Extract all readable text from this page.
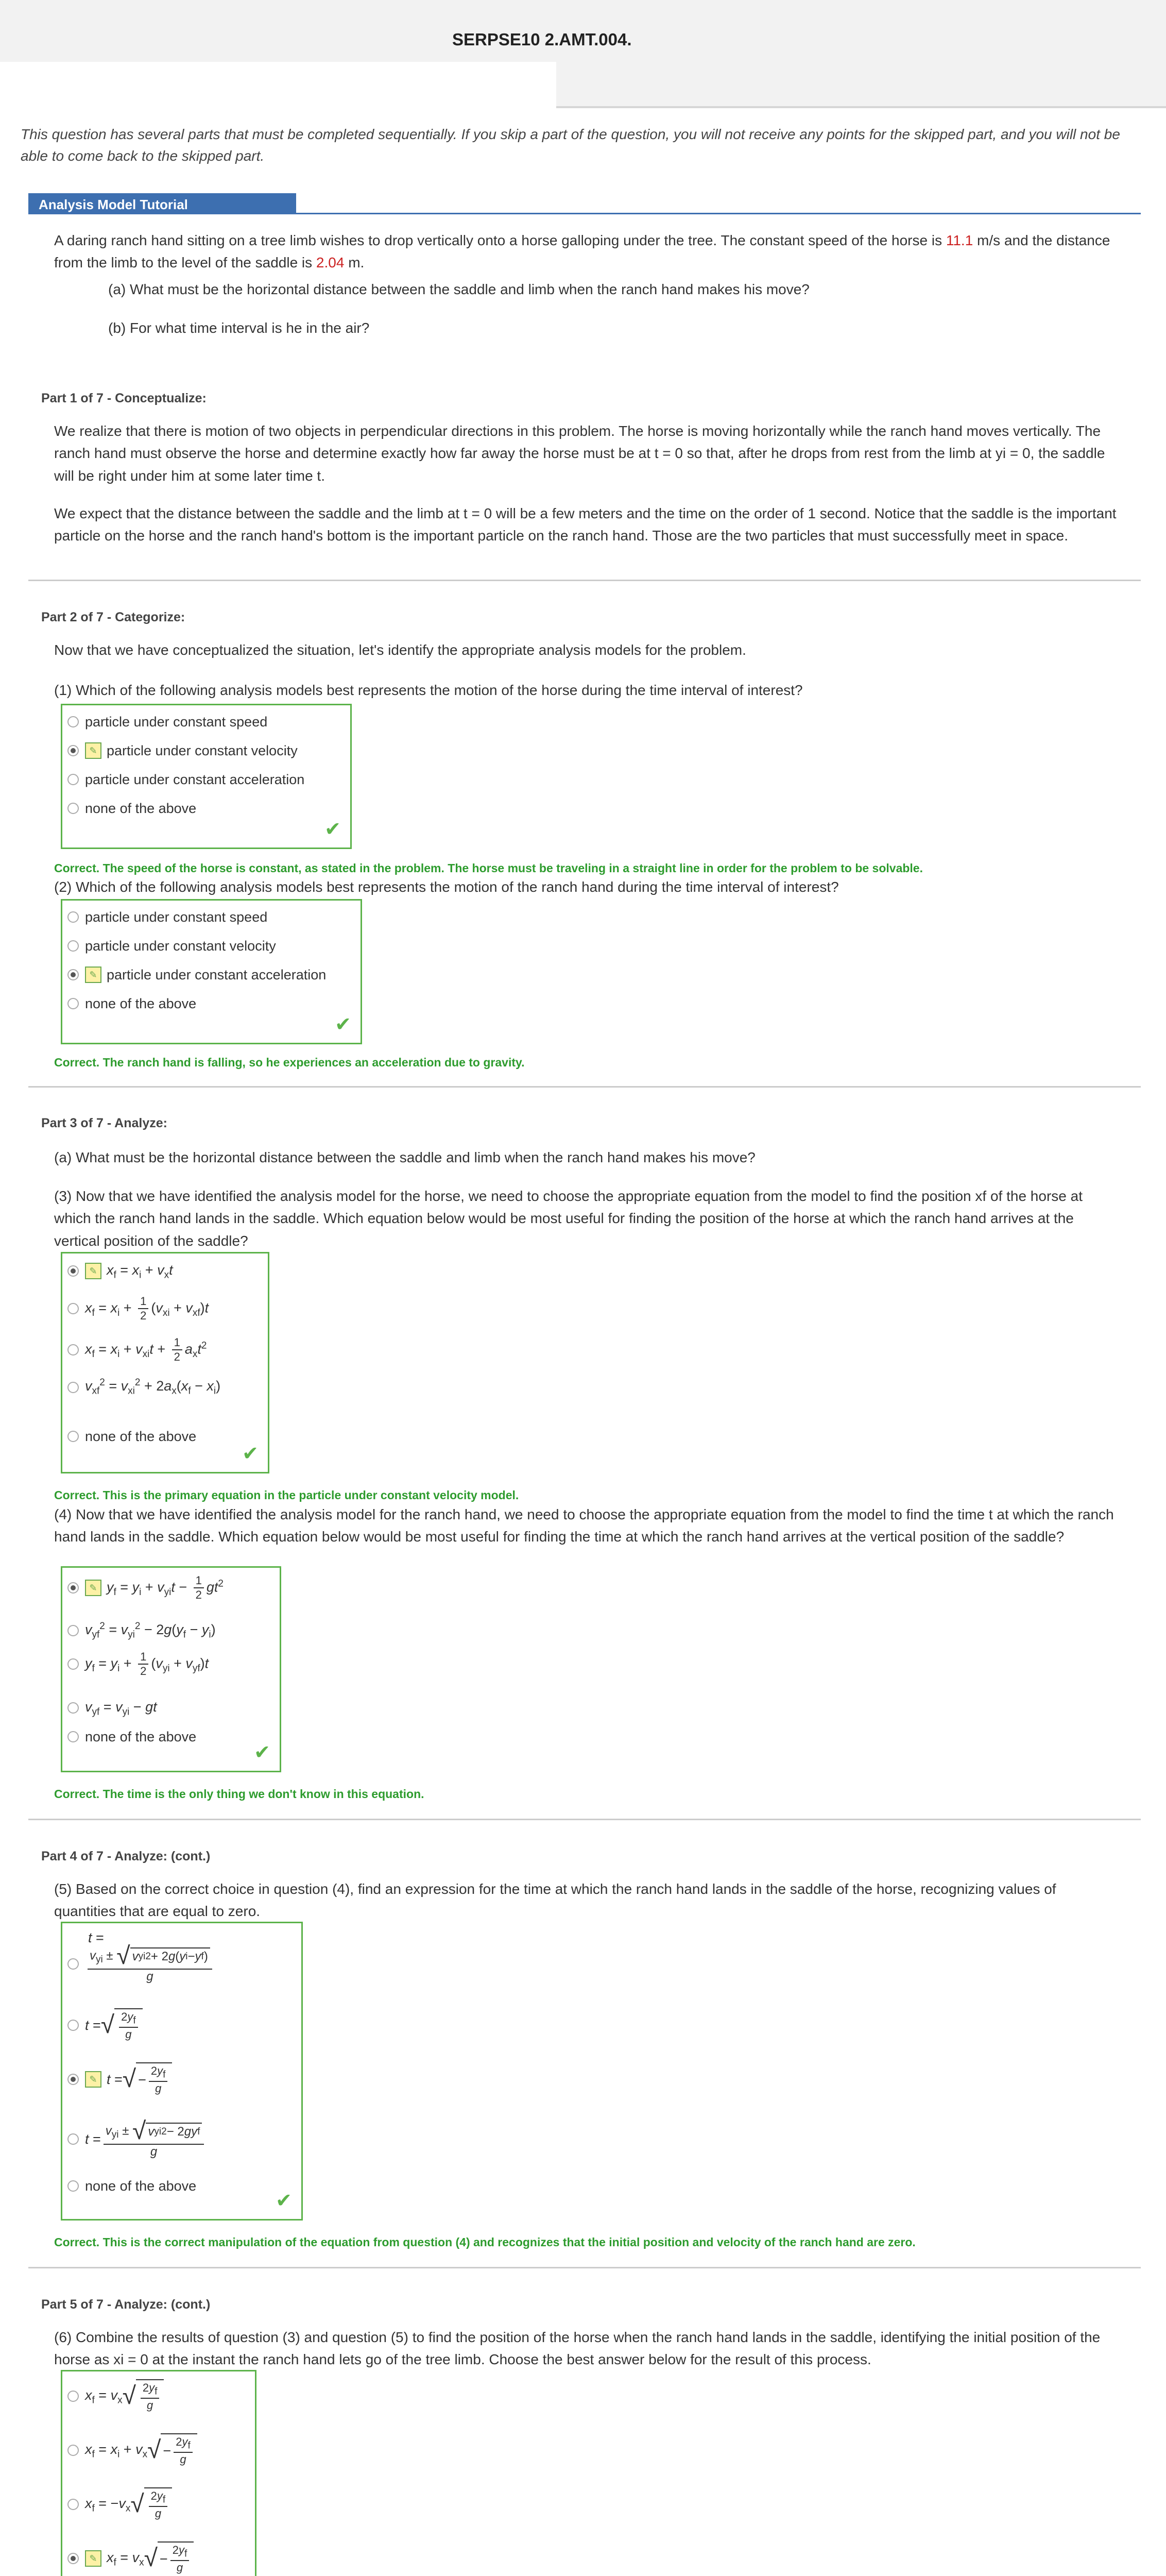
SERPSE10 2.AMT.004.
This question has several parts that must be completed sequentially. If you skip a part of the question, you will not receive any points for the skipped part, and you will not be able to come back to the skipped part.
Analysis Model Tutorial
A daring ranch hand sitting on a tree limb wishes to drop vertically onto a horse galloping under the tree. The constant speed of the horse is 11.1 m/s and the distance from the limb to the level of the saddle is 2.04 m.
(a) What must be the horizontal distance between the saddle and limb when the ranch hand makes his move?
(b) For what time interval is he in the air?
Part 1 of 7 - Conceptualize:
We realize that there is motion of two objects in perpendicular directions in this problem. The horse is moving horizontally while the ranch hand moves vertically. The ranch hand must observe the horse and determine exactly how far away the horse must be at t = 0 so that, after he drops from rest from the limb at yi = 0, the saddle will be right under him at some later time t.
We expect that the distance between the saddle and the limb at t = 0 will be a few meters and the time on the order of 1 second. Notice that the saddle is the important particle on the horse and the ranch hand's bottom is the important particle on the ranch hand. Those are the two particles that must successfully meet in space.
Part 2 of 7 - Categorize:
Now that we have conceptualized the situation, let's identify the appropriate analysis models for the problem.
(1) Which of the following analysis models best represents the motion of the horse during the time interval of interest?
particle under constant speed
✎ particle under constant velocity
particle under constant acceleration
none of the above
✔
Correct. The speed of the horse is constant, as stated in the problem. The horse must be traveling in a straight line in order for the problem to be solvable.
(2) Which of the following analysis models best represents the motion of the ranch hand during the time interval of interest?
particle under constant speed
particle under constant velocity
✎ particle under constant acceleration
none of the above
✔
Correct. The ranch hand is falling, so he experiences an acceleration due to gravity.
Part 3 of 7 - Analyze:
(a) What must be the horizontal distance between the saddle and limb when the ranch hand makes his move?
(3) Now that we have identified the analysis model for the horse, we need to choose the appropriate equation from the model to find the position xf of the horse at which the ranch hand lands in the saddle. Which equation below would be most useful for finding the position of the horse at which the ranch hand arrives at the vertical position of the saddle?
✎ $x_f = x_i + v_xt$
$x_f = x_i + \frac{1}{2} (v_{xi} + v_{xf})t$
$x_f = x_i + v_{xi}t + \frac{1}{2} a_xt^2$
$v_{xf}^2 = v_{xi}^2 + 2a_x(x_f - x_i)$
none of the above
✔
Correct. This is the primary equation in the particle under constant velocity model.
(4) Now that we have identified the analysis model for the ranch hand, we need to choose the appropriate equation from the model to find the time t at which the ranch hand lands in the saddle. Which equation below would be most useful for finding the time at which the ranch hand arrives at the vertical position of the saddle?
✎ $y_f = y_i + v_{yi}t - \frac{1}{2} gt^2$
$v_{yf}^2 = v_{yi}^2 - 2g(y_f - y_i)$
$y_f = y_i + \frac{1}{2} (v_{yi} + v_{yf})t$
$v_{yf} = v_{yi}$ − gt
none of the above
✔
Correct. The time is the only thing we don't know in this equation.
Part 4 of 7 - Analyze: (cont.)
(5) Based on the correct choice in question (4), find an expression for the time at which the ranch hand lands in the saddle of the horse, recognizing values of quantities that are equal to zero.
t =
$\frac{v_{yi} \pm √ v yi 2 + 2 g ( y i - y f )}{g}$
t = √ $\frac{2y_f}{g}$
✎ t = √ − $\frac{2y_f}{g}$
$t = \frac{v_{yi} \pm √ v yi 2 - 2 gy f}{g}$
none of the above
✔
Correct. This is the correct manipulation of the equation from question (4) and recognizes that the initial position and velocity of the ranch hand are zero.
Part 5 of 7 - Analyze: (cont.)
(6) Combine the results of question (3) and question (5) to find the position of the horse when the ranch hand lands in the saddle, identifying the initial position of the horse as xi = 0 at the instant the ranch hand lets go of the tree limb. Choose the best answer below for the result of this process.
$x_f = v_x$ √ $\frac{2y_f}{g}$
$x_f = x_i + v_x$ √ − $\frac{2y_f}{g}$
$x_f = -v_x$ √ $\frac{2y_f}{g}$
✎ $x_f = v_x$ √ − $\frac{2y_f}{g}$
